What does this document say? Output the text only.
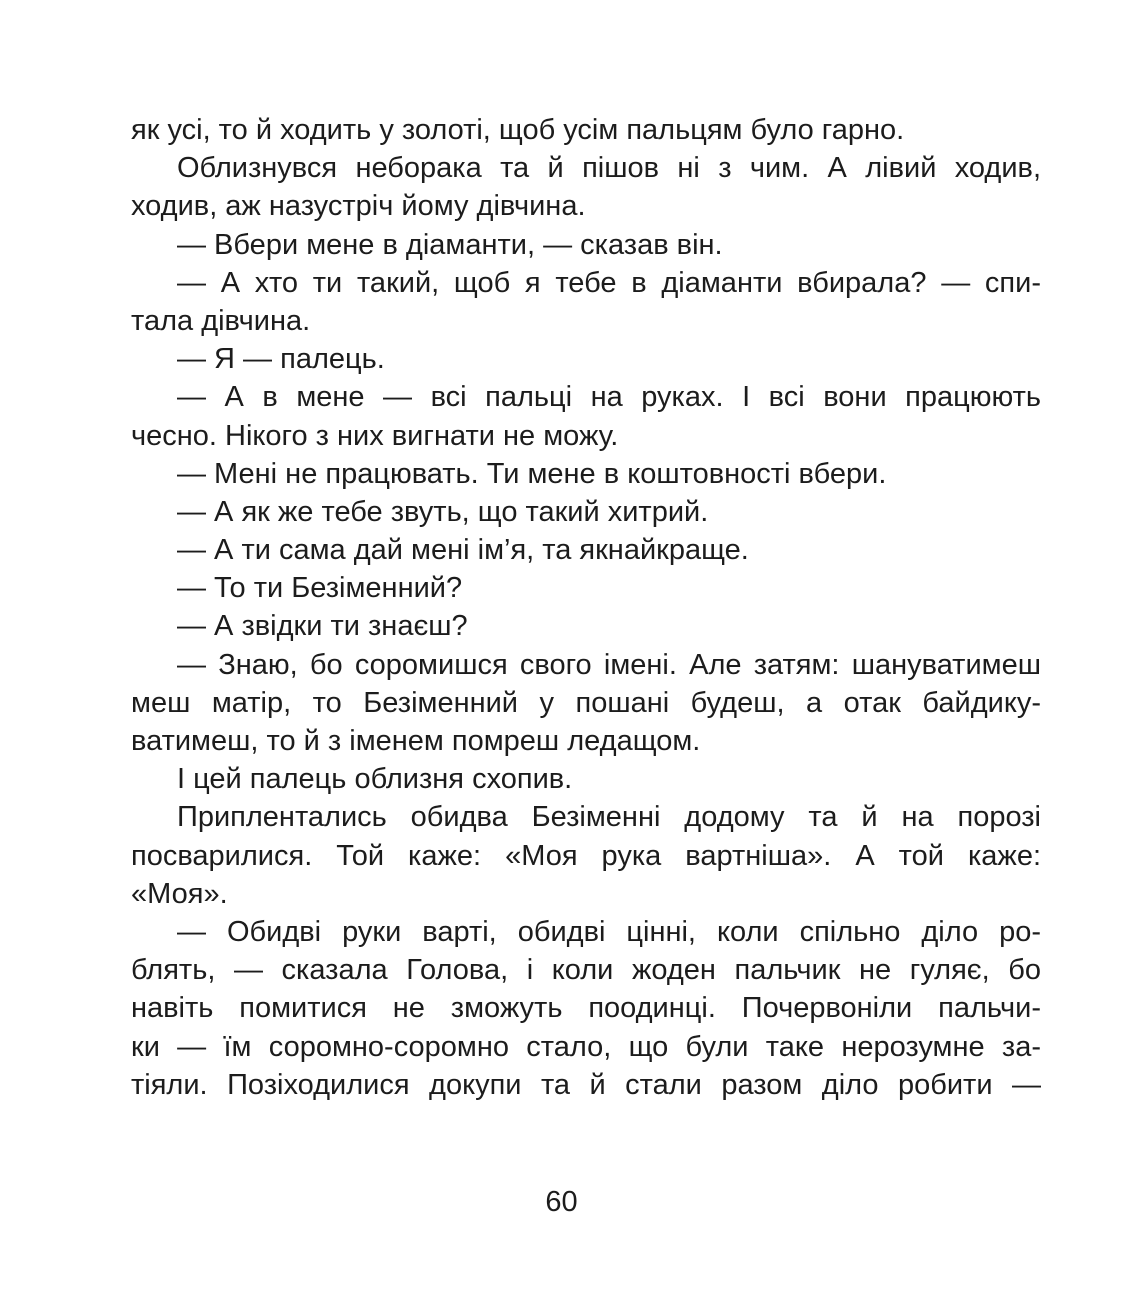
як усі, то й ходить у золоті, щоб усім пальцям було гарно.
Облизнувся неборака та й пішов ні з чим. А лівий ходив,
ходив, аж назустріч йому дівчина.
— Вбери мене в діаманти, — сказав він.
— А хто ти такий, щоб я тебе в діаманти вбирала? — спи-
тала дівчина.
— Я — палець.
— А в мене — всі пальці на руках. І всі вони працюють
чесно. Нікого з них вигнати не можу.
— Мені не працювать. Ти мене в коштовності вбери.
— А як же тебе звуть, що такий хитрий.
— А ти сама дай мені ім’я, та якнайкраще.
— То ти Безіменний?
— А звідки ти знаєш?
— Знаю, бо соромишся свого імені. Але затям: шануватимеш
меш матір, то Безіменний у пошані будеш, а отак байдику-
ватимеш, то й з іменем помреш ледащом.
І цей палець облизня схопив.
Приплентались обидва Безіменні додому та й на порозі
посварилися. Той каже: «Моя рука вартніша». А той каже:
«Моя».
— Обидві руки варті, обидві цінні, коли спільно діло ро-
блять, — сказала Голова, і коли жоден пальчик не гуляє, бо
навіть помитися не зможуть поодинці. Почервоніли пальчи-
ки — їм соромно-соромно стало, що були таке нерозумне за-
тіяли. Позіходилися докупи та й стали разом діло робити —
60
